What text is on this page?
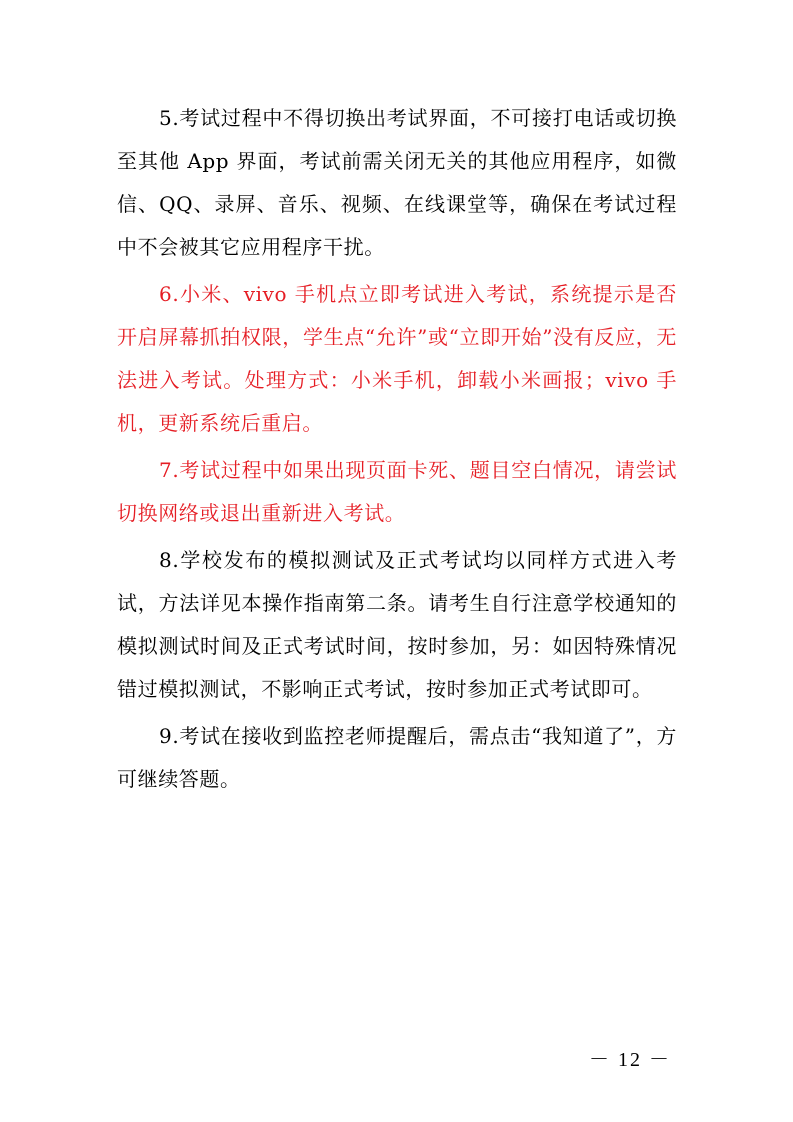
5.考试过程中不得切换出考试界面，不可接打电话或切换至其他 App 界面，考试前需关闭无关的其他应用程序，如微信、QQ、录屏、音乐、视频、在线课堂等，确保在考试过程中不会被其它应用程序干扰。

6.小米、vivo 手机点立即考试进入考试，系统提示是否开启屏幕抓拍权限，学生点“允许”或“立即开始”没有反应，无法进入考试。处理方式：小米手机，卸载小米画报；vivo 手机，更新系统后重启。

7.考试过程中如果出现页面卡死、题目空白情况，请尝试切换网络或退出重新进入考试。

8.学校发布的模拟测试及正式考试均以同样方式进入考试，方法详见本操作指南第二条。请考生自行注意学校通知的模拟测试时间及正式考试时间，按时参加，另：如因特殊情况错过模拟测试，不影响正式考试，按时参加正式考试即可。

9.考试在接收到监控老师提醒后，需点击“我知道了”，方可继续答题。

－ 12 －
